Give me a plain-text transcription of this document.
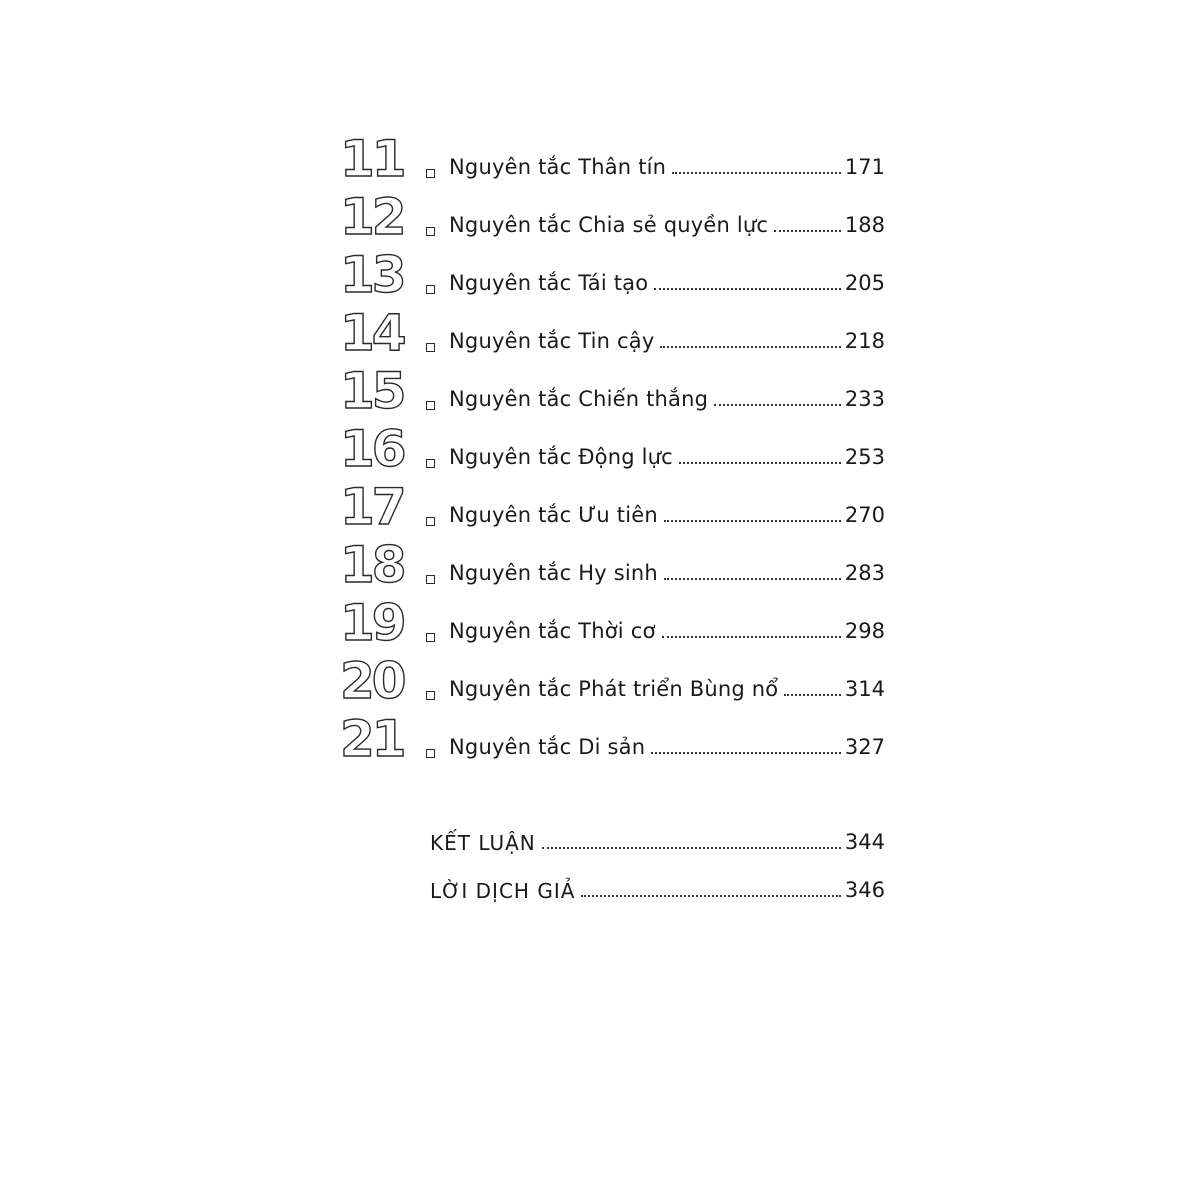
11	Nguyên tắc Thân tín	171
12	Nguyên tắc Chia sẻ quyền lực	188
13	Nguyên tắc Tái tạo	205
14	Nguyên tắc Tin cậy	218
15	Nguyên tắc Chiến thắng	233
16	Nguyên tắc Động lực	253
17	Nguyên tắc Ưu tiên	270
18	Nguyên tắc Hy sinh	283
19	Nguyên tắc Thời cơ	298
20	Nguyên tắc Phát triển Bùng nổ	314
21	Nguyên tắc Di sản	327
KẾT LUẬN	344
LỜI DỊCH GIẢ	346
